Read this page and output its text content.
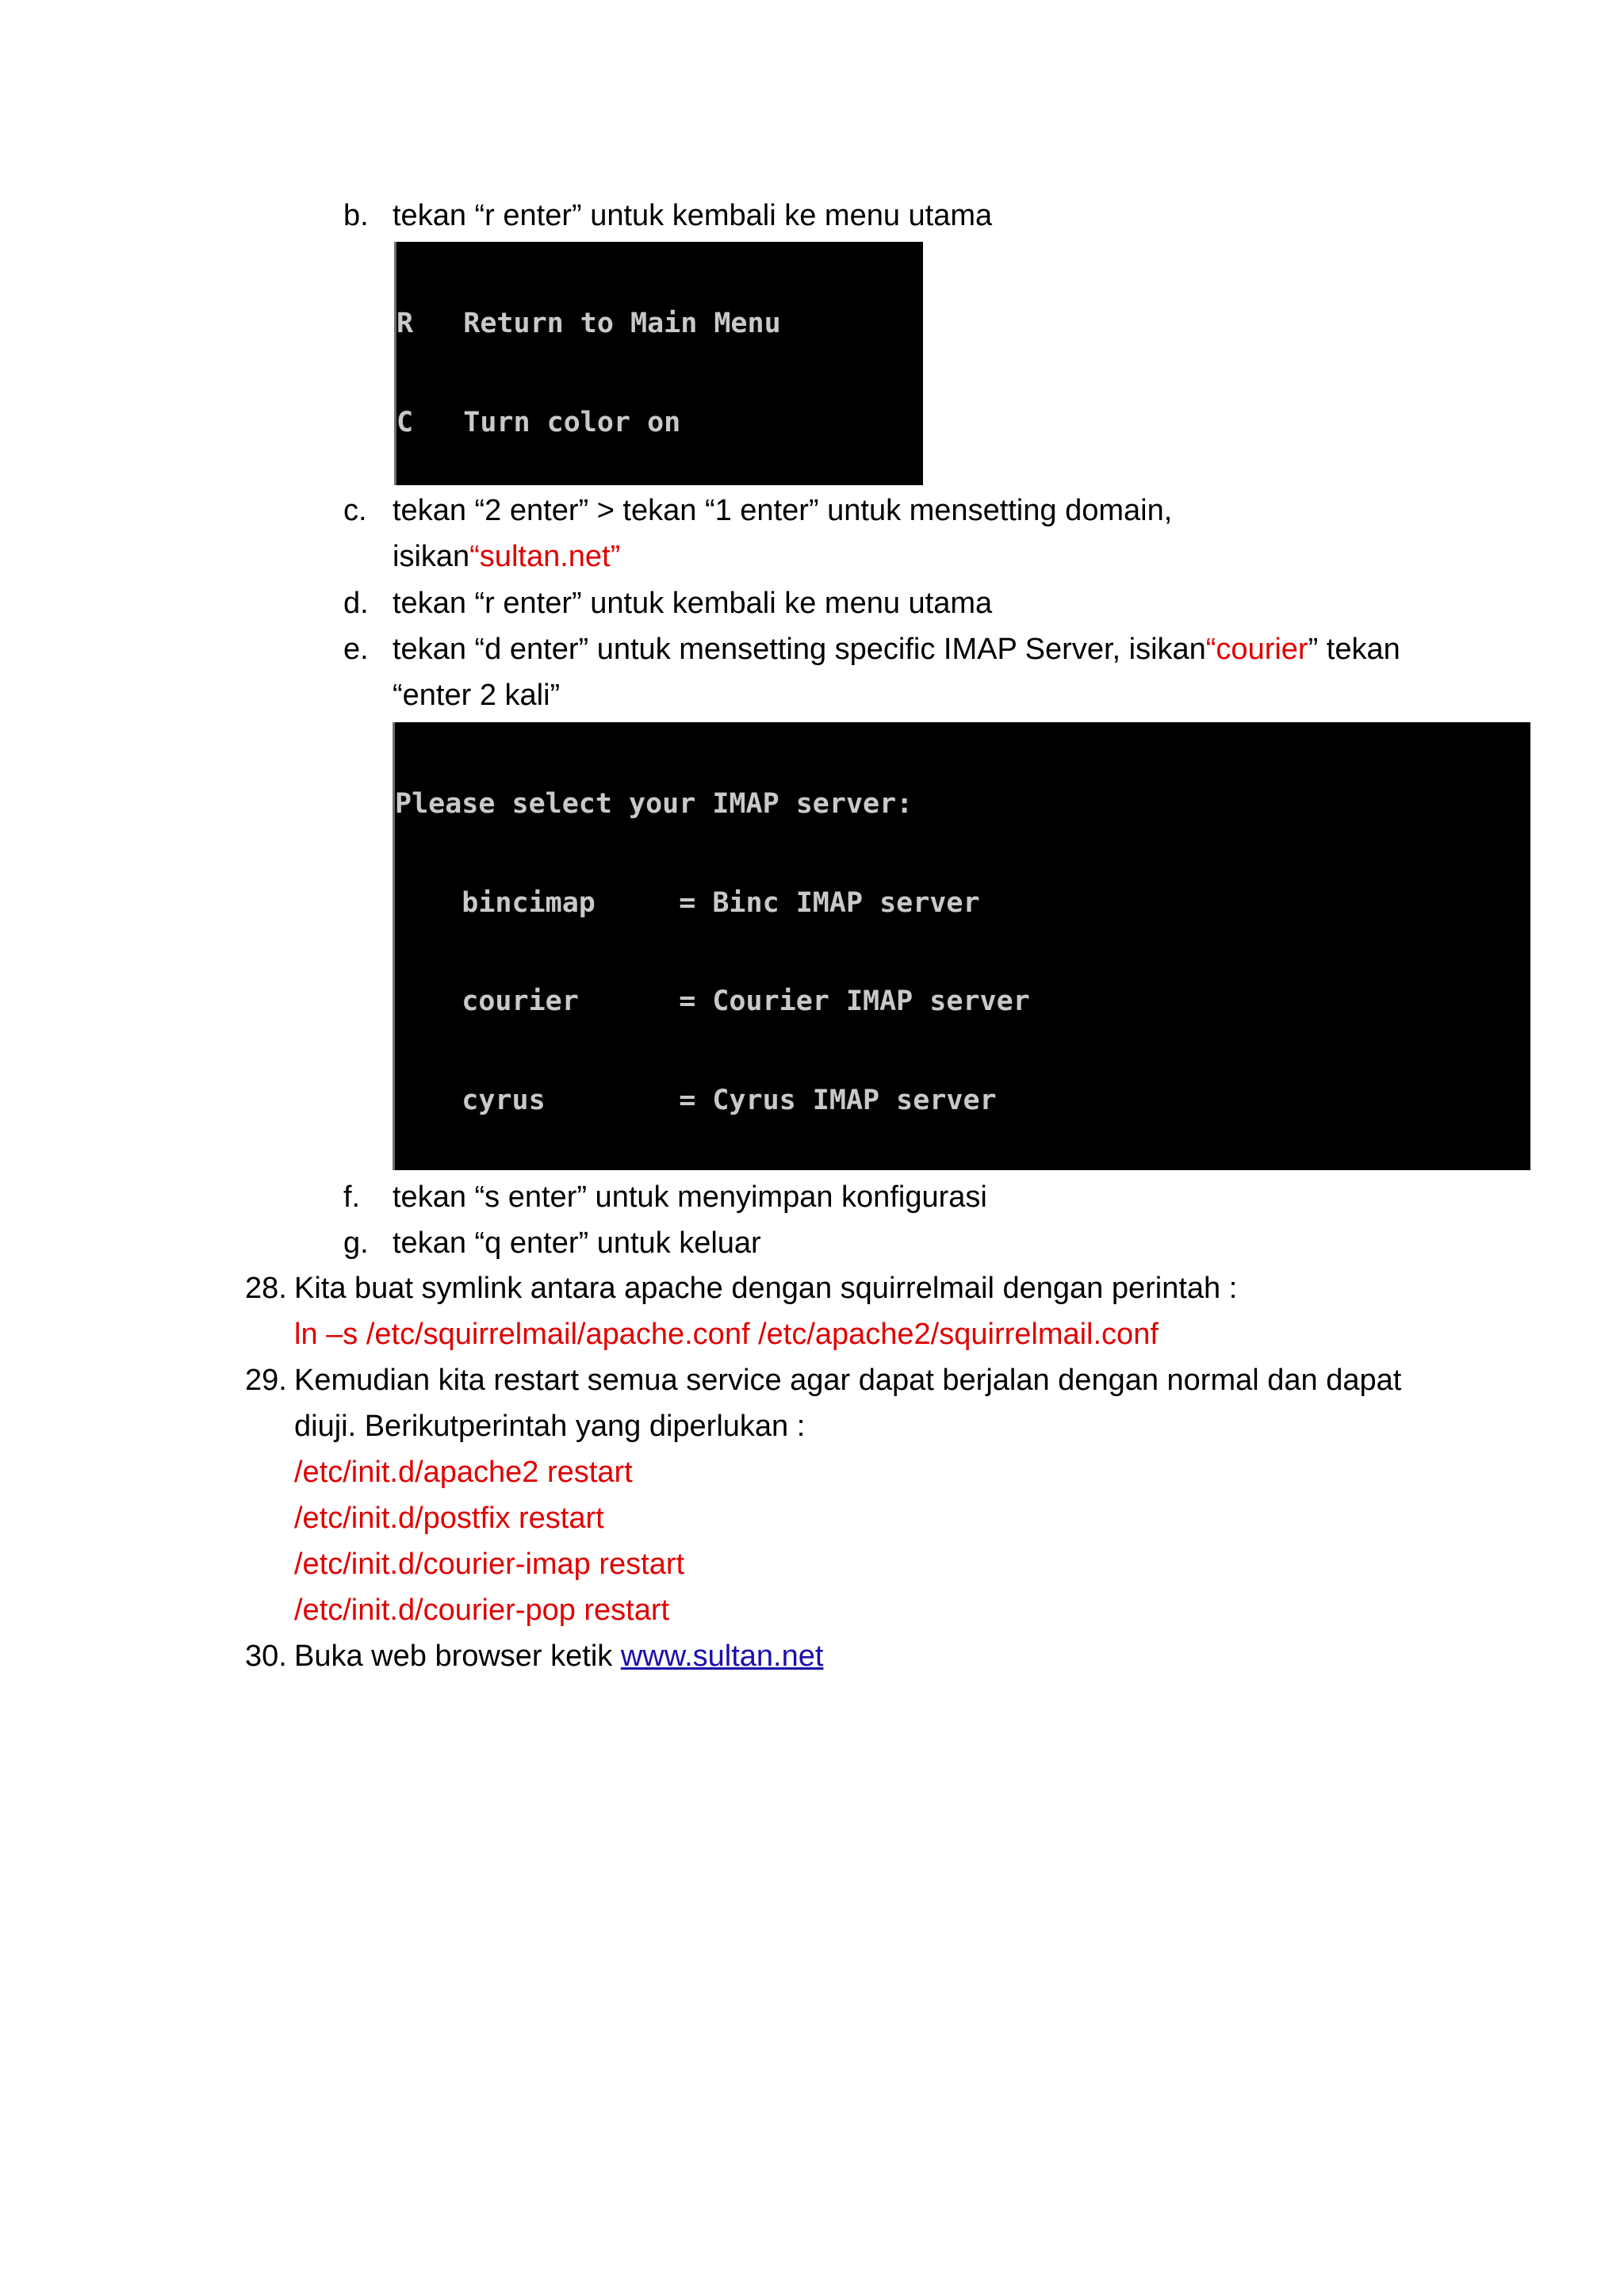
b. tekan “r enter” untuk kembali ke menu utama

R   Return to Main Menu

C   Turn color on

c. tekan “2 enter” > tekan “1 enter” untuk mensetting domain,
isikan“sultan.net”
d. tekan “r enter” untuk kembali ke menu utama
e. tekan “d enter” untuk mensetting specific IMAP Server, isikan“courier” tekan
“enter 2 kali”

Please select your IMAP server:

bincimap     = Binc IMAP server

courier      = Courier IMAP server

cyrus        = Cyrus IMAP server

f. tekan “s enter” untuk menyimpan konfigurasi
g. tekan “q enter” untuk keluar
28. Kita buat symlink antara apache dengan squirrelmail dengan perintah :
ln –s /etc/squirrelmail/apache.conf /etc/apache2/squirrelmail.conf
29. Kemudian kita restart semua service agar dapat berjalan dengan normal dan dapat
diuji. Berikutperintah yang diperlukan :
/etc/init.d/apache2 restart
/etc/init.d/postfix restart
/etc/init.d/courier-imap restart
/etc/init.d/courier-pop restart
30. Buka web browser ketik www.sultan.net
